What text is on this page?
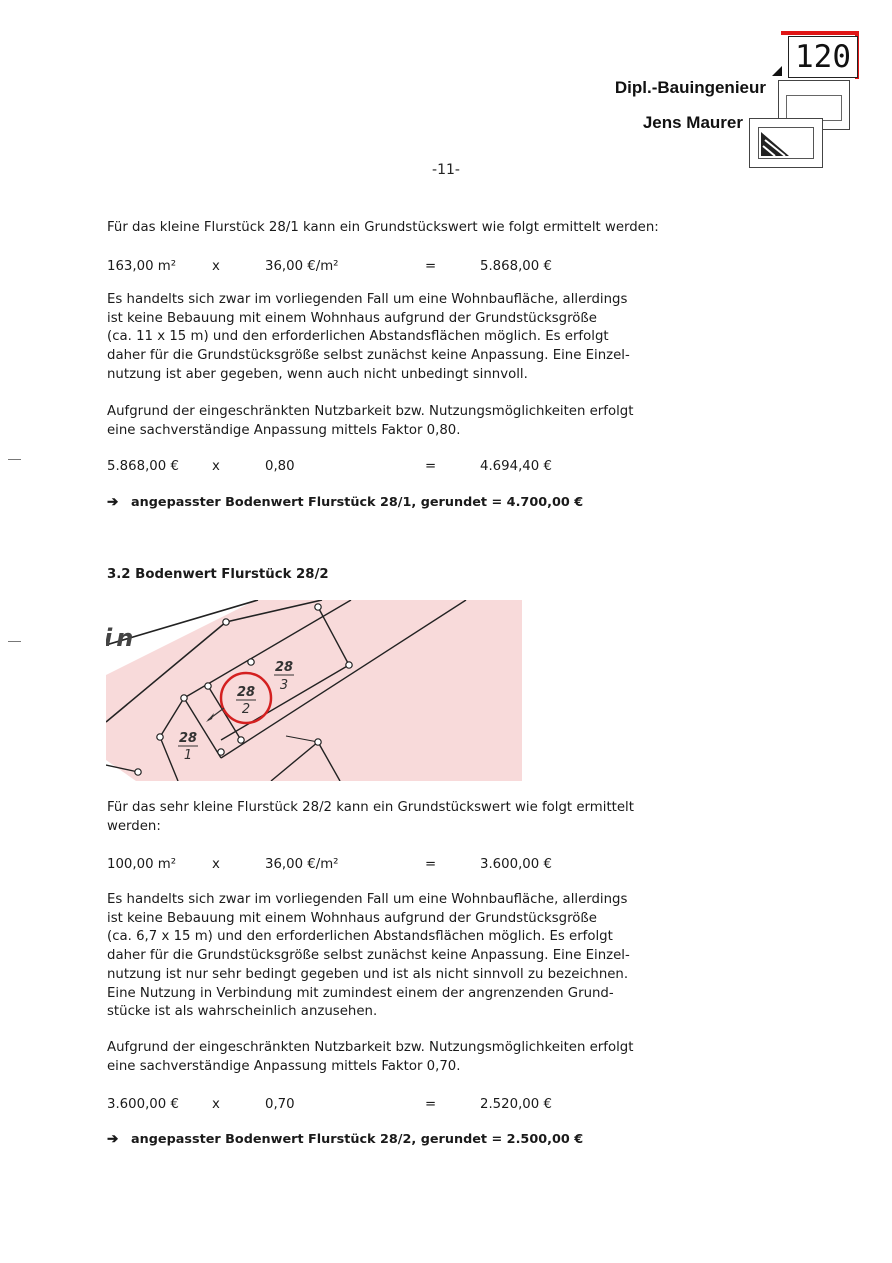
120
Dipl.-Bauingenieur
Jens Maurer
-11-
Für das kleine Flurstück 28/1 kann ein Grundstückswert wie folgt ermittelt werden:
163,00 m²	x	36,00 €/m²	=	5.868,00 €
Es handelts sich zwar im vorliegenden Fall um eine Wohnbaufläche, allerdings
ist keine Bebauung mit einem Wohnhaus aufgrund der Grundstücksgröße
(ca. 11 x 15 m) und den erforderlichen Abstandsflächen möglich. Es erfolgt
daher für die Grundstücksgröße selbst zunächst keine Anpassung. Eine Einzel-
nutzung ist aber gegeben, wenn auch nicht unbedingt sinnvoll.
Aufgrund der eingeschränkten Nutzbarkeit bzw. Nutzungsmöglichkeiten erfolgt
eine sachverständige Anpassung mittels Faktor 0,80.
5.868,00 € x	0,80	=	4.694,40 €
➔ angepasster Bodenwert Flurstück 28/1, gerundet = 4.700,00 €
3.2 Bodenwert Flurstück 28/2
in
28
3
28
2
28
1
Für das sehr kleine Flurstück 28/2 kann ein Grundstückswert wie folgt ermittelt
werden:
100,00 m²	x	36,00 €/m²	=	3.600,00 €
Es handelts sich zwar im vorliegenden Fall um eine Wohnbaufläche, allerdings
ist keine Bebauung mit einem Wohnhaus aufgrund der Grundstücksgröße
(ca. 6,7 x 15 m) und den erforderlichen Abstandsflächen möglich. Es erfolgt
daher für die Grundstücksgröße selbst zunächst keine Anpassung. Eine Einzel-
nutzung ist nur sehr bedingt gegeben und ist als nicht sinnvoll zu bezeichnen.
Eine Nutzung in Verbindung mit zumindest einem der angrenzenden Grund-
stücke ist als wahrscheinlich anzusehen.
Aufgrund der eingeschränkten Nutzbarkeit bzw. Nutzungsmöglichkeiten erfolgt
eine sachverständige Anpassung mittels Faktor 0,70.
3.600,00 € x	0,70	=	2.520,00 €
➔ angepasster Bodenwert Flurstück 28/2, gerundet = 2.500,00 €
